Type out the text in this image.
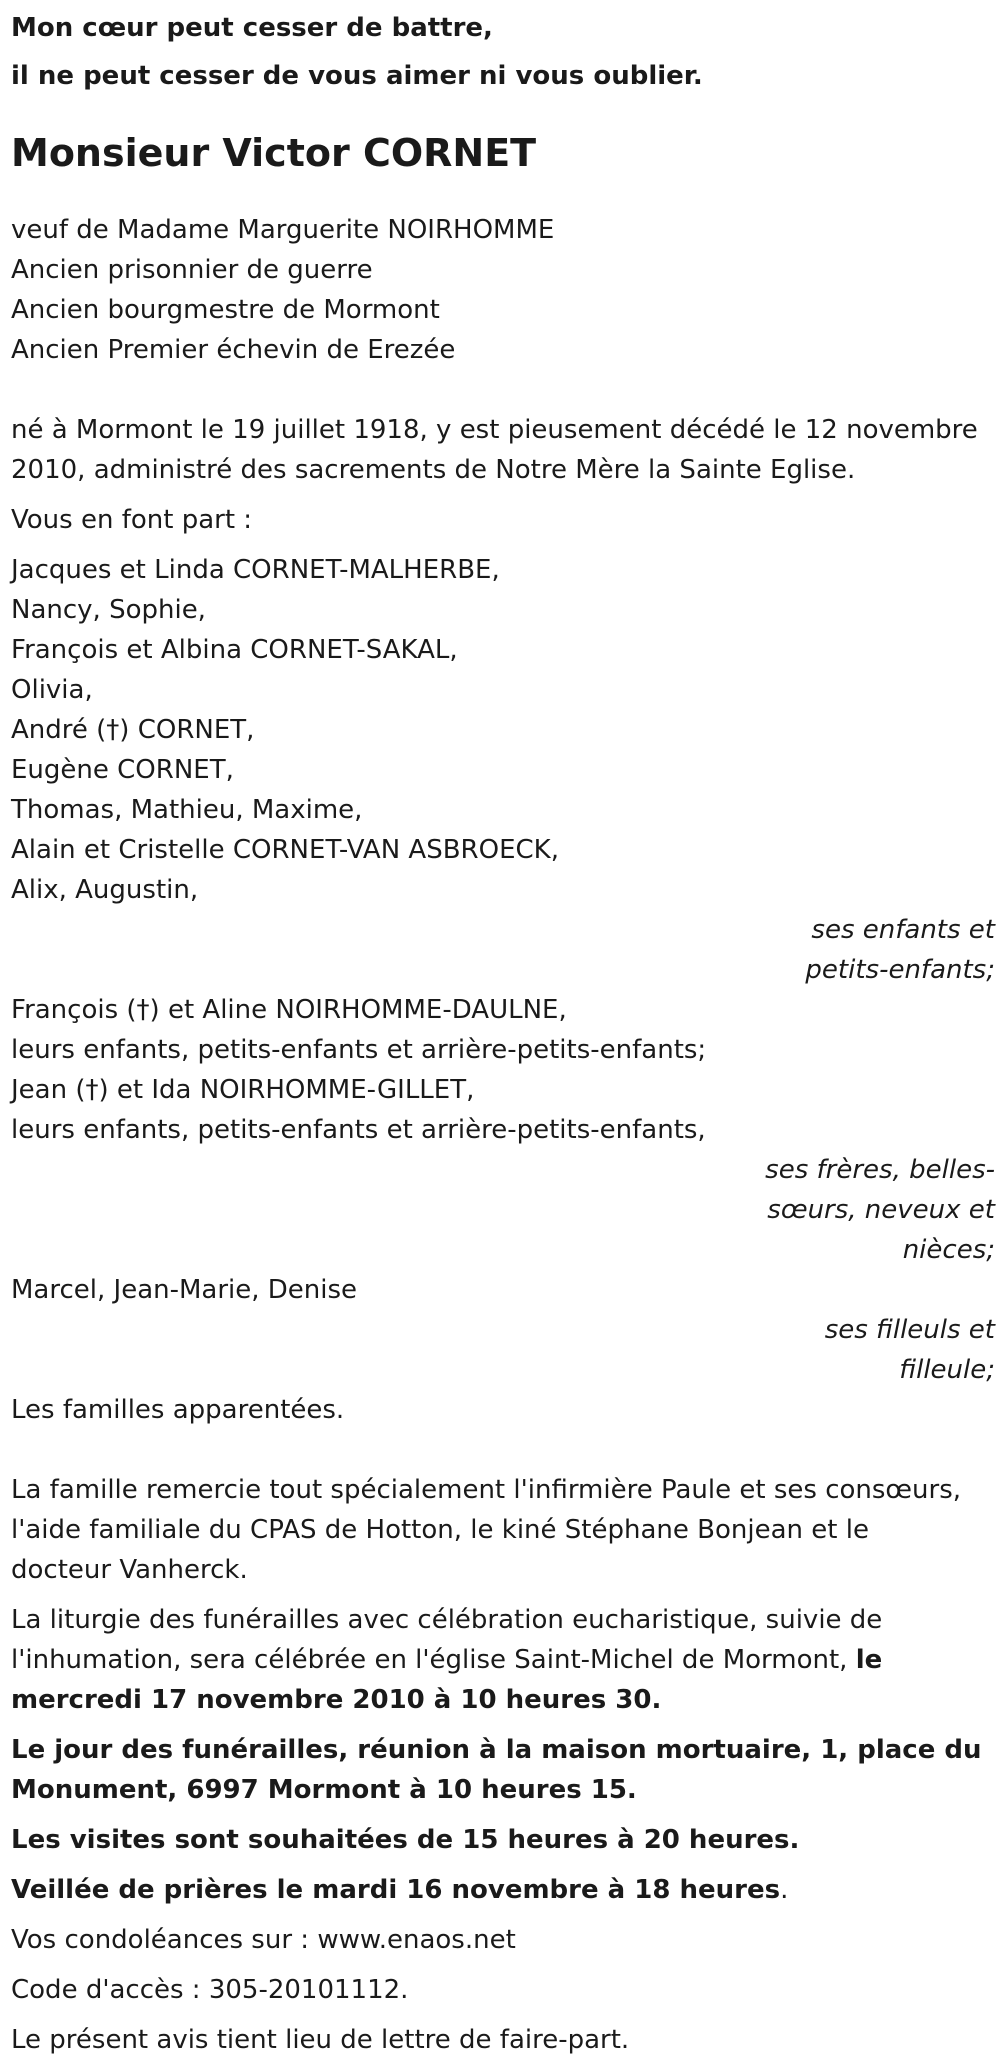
Mon cœur peut cesser de battre,
il ne peut cesser de vous aimer ni vous oublier.
Monsieur Victor CORNET
veuf de Madame Marguerite NOIRHOMME
Ancien prisonnier de guerre
Ancien bourgmestre de Mormont
Ancien Premier échevin de Erezée
né à Mormont le 19 juillet 1918, y est pieusement décédé le 12 novembre
2010, administré des sacrements de Notre Mère la Sainte Eglise.
Vous en font part :
Jacques et Linda CORNET-MALHERBE,
Nancy, Sophie,
François et Albina CORNET-SAKAL,
Olivia,
André (†) CORNET,
Eugène CORNET,
Thomas, Mathieu, Maxime,
Alain et Cristelle CORNET-VAN ASBROECK,
Alix, Augustin,
ses enfants et
petits-enfants;
François (†) et Aline NOIRHOMME-DAULNE,
leurs enfants, petits-enfants et arrière-petits-enfants;
Jean (†) et Ida NOIRHOMME-GILLET,
leurs enfants, petits-enfants et arrière-petits-enfants,
ses frères, belles-
sœurs, neveux et
nièces;
Marcel, Jean-Marie, Denise
ses filleuls et
filleule;
Les familles apparentées.
La famille remercie tout spécialement l'infirmière Paule et ses consœurs,
l'aide familiale du CPAS de Hotton, le kiné Stéphane Bonjean et le
docteur Vanherck.
La liturgie des funérailles avec célébration eucharistique, suivie de
l'inhumation, sera célébrée en l'église Saint-Michel de Mormont, le
mercredi 17 novembre 2010 à 10 heures 30.
Le jour des funérailles, réunion à la maison mortuaire, 1, place du
Monument, 6997 Mormont à 10 heures 15.
Les visites sont souhaitées de 15 heures à 20 heures.
Veillée de prières le mardi 16 novembre à 18 heures.
Vos condoléances sur : www.enaos.net
Code d'accès : 305-20101112.
Le présent avis tient lieu de lettre de faire-part.
